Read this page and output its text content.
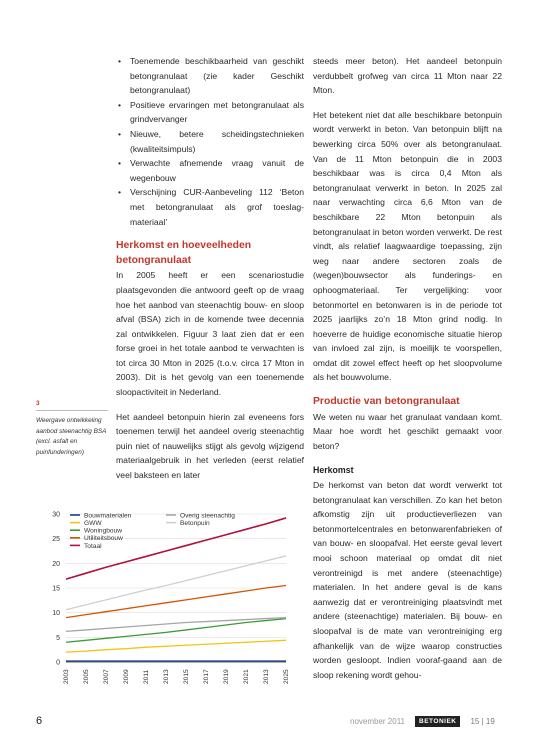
• Toenemende beschikbaarheid van geschikt betongranulaat (zie kader Geschikt betongranulaat)
• Positieve ervaringen met betongranulaat als grindvervanger
• Nieuwe, betere scheidingstechnieken (kwaliteitsimpuls)
• Verwachte afnemende vraag vanuit de wegenbouw
• Verschijning CUR-Aanbeveling 112 ‘Beton met betongranulaat als grof toeslag-materiaal’
Herkomst en hoeveelheden betongranulaat

In 2005 heeft er een scenariostudie plaatsgevonden die antwoord geeft op de vraag hoe het aanbod van steenachtig bouw- en sloop afval (BSA) zich in de komende twee decennia zal ontwikkelen. Figuur 3 laat zien dat er een forse groei in het totale aanbod te verwachten is tot circa 30 Mton in 2025 (t.o.v. circa 17 Mton in 2003). Dit is het gevolg van een toenemende sloopactiviteit in Nederland.

Het aandeel betonpuin hierin zal eveneens fors toenemen terwijl het aandeel overig steenachtig puin niet of nauwelijks stijgt als gevolg wijzigend materiaalgebruik in het verleden (eerst relatief veel baksteen en later

steeds meer beton). Het aandeel betonpuin verdubbelt grofweg van circa 11 Mton naar 22 Mton.

Het betekent niet dat alle beschikbare betonpuin wordt verwerkt in beton. Van betonpuin blijft na bewerking circa 50% over als betongranulaat. Van de 11 Mton betonpuin die in 2003 beschikbaar was is circa 0,4 Mton als betongranulaat verwerkt in beton. In 2025 zal naar verwachting circa 6,6 Mton van de beschikbare 22 Mton betonpuin als betongranulaat in beton worden verwerkt. De rest vindt, als relatief laagwaardige toepassing, zijn weg naar andere sectoren zoals de (wegen)bouwsector als funderings- en ophoogmateriaal. Ter vergelijking: voor betonmortel en betonwaren is in de periode tot 2025 jaarlijks zo’n 18 Mton grind nodig. In hoeverre de huidige economische situatie hierop van invloed zal zijn, is moeilijk te voorspellen, omdat dit zowel effect heeft op het sloopvolume als het bouwvolume.

Productie van betongranulaat

We weten nu waar het granulaat vandaan komt. Maar hoe wordt het geschikt gemaakt voor beton?

Herkomst

De herkomst van beton dat wordt verwerkt tot betongranulaat kan verschillen. Zo kan het beton afkomstig zijn uit productieverliezen van betonmortelcentrales en betonwarenfabrieken of van bouw- en sloopafval. Het eerste geval levert mooi schoon materiaal op omdat dit niet verontreinigd is met andere (steenachtige) materialen. In het andere geval is de kans aanwezig dat er verontreiniging plaatsvindt met andere (steenachtige) materialen. Bij bouw- en sloopafval is de mate van verontreiniging erg afhankelijk van de wijze waarop constructies worden gesloopt. Indien vooraf-gaand aan de sloop rekening wordt gehou-

3
Weergave ontwikkeling aanbod steenachtig BSA (excl. asfalt en puinfunderingen)
0
5
10
15
20
25
30
2003 2005 2007 2009 2011 2013 2015 2017 2019 2021 2013 2025
Bouwmaterialen
GWW
Woningbouw
Utiliteitsbouw
Totaal
Overig steenachtig
Betonpuin
6	november 2011	BETONIEK	15 | 19
